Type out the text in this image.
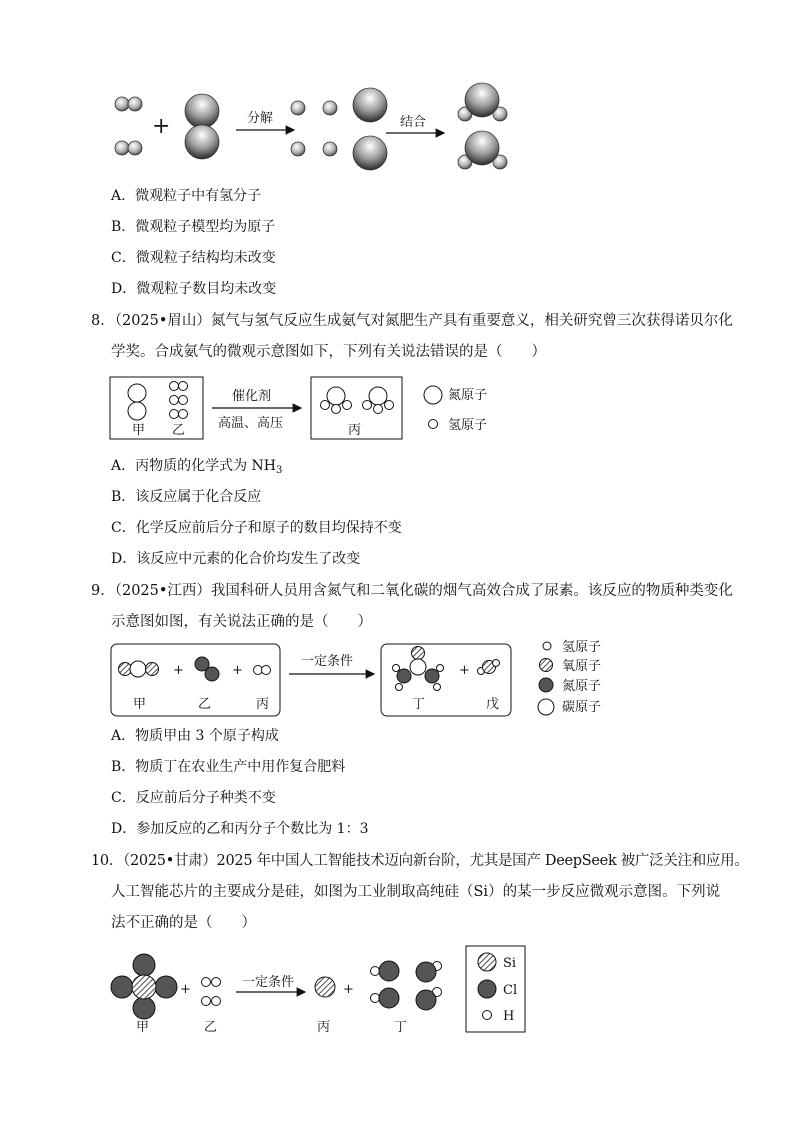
+	分解	结合
甲 乙
催化剂
高温、高压	丙
氮原子
氢原子
+	+
甲	乙	丙
一定条件
+
丁	戊
氢原子
氧原子
氮原子
碳原子
+
甲	乙
一定条件	+
丙	丁
Si
Cl
H
A．微观粒子中有氢分子
B．微观粒子模型均为原子
C．微观粒子结构均未改变
D．微观粒子数目均未改变
8．（2025•眉山）氮气与氢气反应生成氨气对氮肥生产具有重要意义，相关研究曾三次获得诺贝尔化
学奖。合成氨气的微观示意图如下，下列有关说法错误的是（　　）
A．丙物质的化学式为 $NH_3$
B．该反应属于化合反应
C．化学反应前后分子和原子的数目均保持不变
D．该反应中元素的化合价均发生了改变
9．（2025•江西）我国科研人员用含氮气和二氧化碳的烟气高效合成了尿素。该反应的物质种类变化
示意图如图，有关说法正确的是（　　）
A．物质甲由 3 个原子构成
B．物质丁在农业生产中用作复合肥料
C．反应前后分子种类不变
D．参加反应的乙和丙分子个数比为 1：3
10．（2025•甘肃）2025 年中国人工智能技术迈向新台阶，尤其是国产 DeepSeek 被广泛关注和应用。
人工智能芯片的主要成分是硅，如图为工业制取高纯硅（Si）的某一步反应微观示意图。下列说
法不正确的是（　　）
